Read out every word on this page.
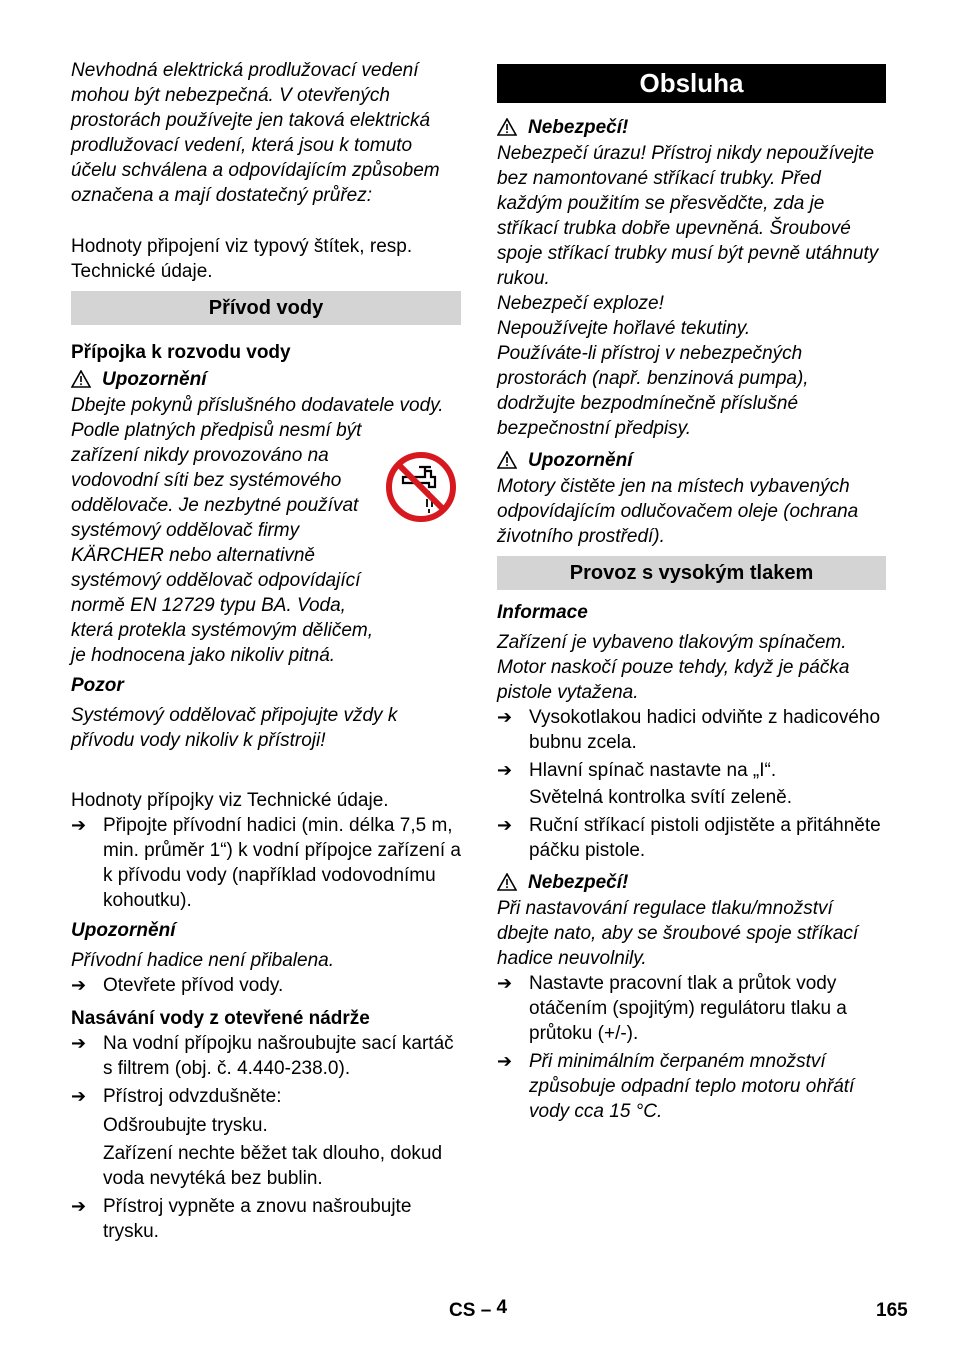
Nevhodná elektrická prodlužovací vedení mohou být nebezpečná. V otevřených prostorách používejte jen taková elektrická prodlužovací vedení, která jsou k tomuto účelu schválena a odpovídajícím způsobem označena a mají dostatečný průřez:

Hodnoty připojení viz typový štítek, resp. Technické údaje.

Přívod vody

Přípojka k rozvodu vody

Upozornění

Dbejte pokynů příslušného dodavatele vody.

Podle platných předpisů nesmí být zařízení nikdy provozováno na vodovodní síti bez systémového oddělovače. Je nezbytné používat systémový oddělovač firmy KÄRCHER nebo alternativně systémový oddělovač odpovídající normě EN 12729 typu BA. Voda, která protekla systémovým děličem, je hodnocena jako nikoliv pitná.

Pozor

Systémový oddělovač připojujte vždy k přívodu vody nikoliv k přístroji!

Hodnoty přípojky viz Technické údaje.

➔ Připojte přívodní hadici (min. délka 7,5 m, min. průměr 1“) k vodní přípojce zařízení a k přívodu vody (například vodovodnímu kohoutku).

Upozornění

Přívodní hadice není přibalena.

➔ Otevřete přívod vody.

Nasávání vody z otevřené nádrže

➔ Na vodní přípojku našroubujte sací kartáč s filtrem (obj. č. 4.440-238.0).
➔ Přístroj odvzdušněte:

Odšroubujte trysku.

Zařízení nechte běžet tak dlouho, dokud voda nevytéká bez bublin.

➔ Přístroj vypněte a znovu našroubujte trysku.
Obsluha
Nebezpečí!

Nebezpečí úrazu! Přístroj nikdy nepoužívejte bez namontované stříkací trubky. Před každým použitím se přesvědčte, zda je stříkací trubka dobře upevněná. Šroubové spoje stříkací trubky musí být pevně utáhnuty rukou.

Nebezpečí exploze!

Nepoužívejte hořlavé tekutiny.

Používáte-li přístroj v nebezpečných prostorách (např. benzinová pumpa), dodržujte bezpodmínečně příslušné bezpečnostní předpisy.

Upozornění

Motory čistěte jen na místech vybavených odpovídajícím odlučovačem oleje (ochrana životního prostředí).

Provoz s vysokým tlakem

Informace

Zařízení je vybaveno tlakovým spínačem. Motor naskočí pouze tehdy, když je páčka pistole vytažena.

➔ Vysokotlakou hadici odviňte z hadicového bubnu zcela.
➔ Hlavní spínač nastavte na „I“.

Světelná kontrolka svítí zeleně.

➔ Ruční stříkací pistoli odjistěte a přitáhněte páčku pistole.
Nebezpečí!

Při nastavování regulace tlaku/množství dbejte nato, aby se šroubové spoje stříkací hadice neuvolnily.

➔ Nastavte pracovní tlak a průtok vody otáčením (spojitým) regulátoru tlaku a průtoku (+/-).
➔ Při minimálním čerpaném množství způsobuje odpadní teplo motoru ohřátí vody cca 15 °C.
CS – 4	165
